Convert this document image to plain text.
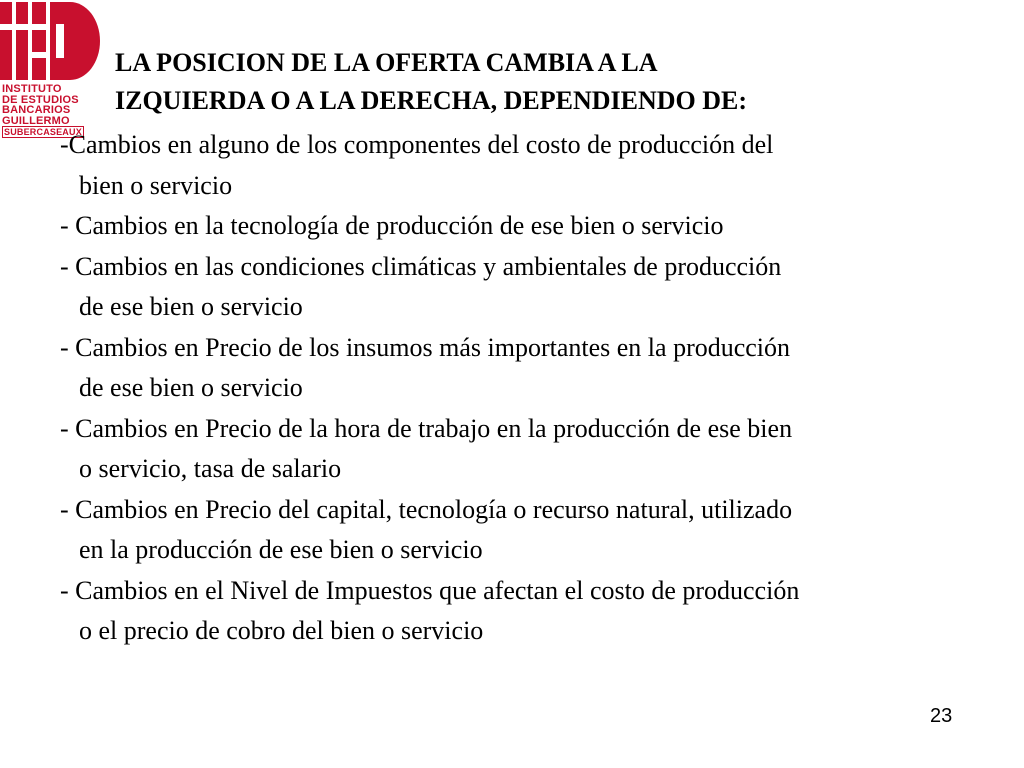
INSTITUTO
DE ESTUDIOS
BANCARIOS
GUILLERMO
SUBERCASEAUX
LA POSICION DE LA OFERTA CAMBIA A LA
IZQUIERDA O A LA DERECHA, DEPENDIENDO DE:
-Cambios en alguno de los componentes del costo de producción del
bien o servicio
- Cambios en la tecnología de producción de ese bien o servicio
- Cambios en las condiciones climáticas y ambientales de producción
de ese bien o servicio
- Cambios en Precio de los insumos más importantes en la producción
de ese bien o servicio
- Cambios en Precio de la hora de trabajo en la producción de ese bien
o servicio, tasa de salario
- Cambios en Precio del capital, tecnología o recurso natural, utilizado
en la producción de ese bien o servicio
- Cambios en el Nivel de Impuestos que afectan el costo de producción
o el precio de cobro del bien o servicio
23
